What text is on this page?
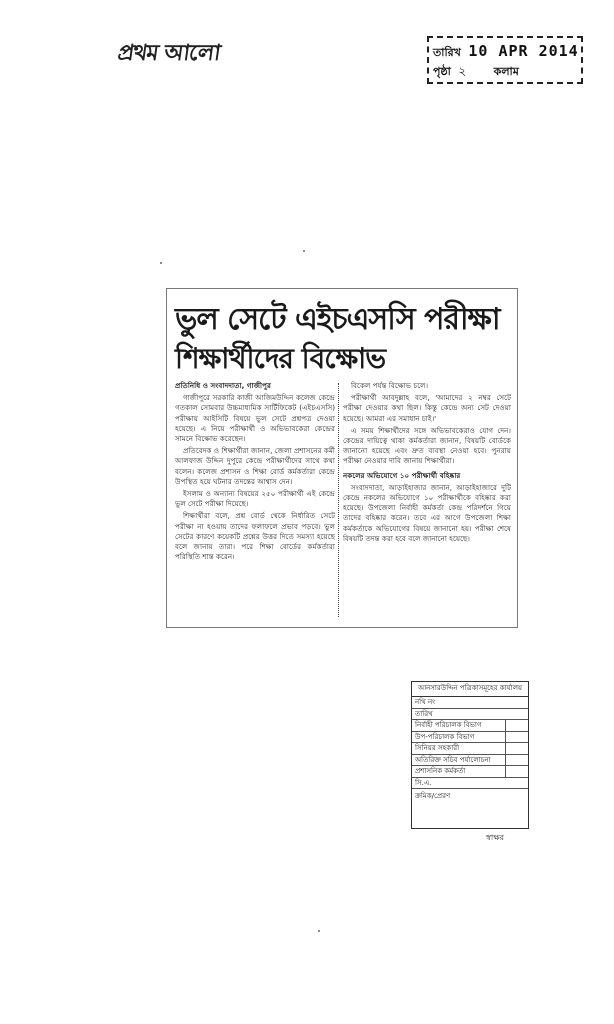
প্রথম আলো	তারিখ 10 APR 2014
পৃষ্ঠা ২	কলাম
ভুল সেটে এইচএসসি পরীক্ষা
শিক্ষার্থীদের বিক্ষোভ
প্রতিনিধি ও সংবাদদাতা, গাজীপুর

গাজীপুরে সরকারি কাজী আজিমউদ্দিন কলেজ কেন্দ্রে গতকাল সোমবার উচ্চমাধ্যমিক সার্টিফিকেট (এইচএসসি) পরীক্ষায় আইসিটি বিষয়ে ভুল সেটে প্রশ্নপত্র দেওয়া হয়েছে। এ নিয়ে পরীক্ষার্থী ও অভিভাবকেরা কেন্দ্রের সামনে বিক্ষোভ করেছেন।

প্রতিবেদক ও শিক্ষার্থীরা জানান, জেলা প্রশাসনের কর্মী আলফাজ উদ্দিন দুপুরে কেন্দ্রে পরীক্ষার্থীদের সাথে কথা বলেন। কলেজ প্রশাসন ও শিক্ষা বোর্ড কর্মকর্তারা কেন্দ্রে উপস্থিত হয়ে ঘটনার তদন্তের আশ্বাস দেন।

ইসলাম ও অন্যান্য বিষয়ের ২৫০ পরীক্ষার্থী এই কেন্দ্রে ভুল সেটে পরীক্ষা দিয়েছে।

শিক্ষার্থীরা বলে, প্রশ্ন বোর্ড থেকে নির্ধারিত সেটে পরীক্ষা না হওয়ায় তাদের ফলাফলে প্রভাব পড়বে। ভুল সেটের কারণে কয়েকটি প্রশ্নের উত্তর দিতে সমস্যা হয়েছে বলে জানায় তারা। পরে শিক্ষা বোর্ডের কর্মকর্তারা পরিস্থিতি শান্ত করেন।

বিকেল পর্যন্ত বিক্ষোভ চলে।

পরীক্ষার্থী আবদুল্লাহ বলে, 'আমাদের ২ নম্বর সেটে পরীক্ষা দেওয়ার কথা ছিল। কিন্তু কেন্দ্রে অন্য সেট দেওয়া হয়েছে। আমরা এর সমাধান চাই।'

এ সময় শিক্ষার্থীদের সঙ্গে অভিভাবকেরাও যোগ দেন। কেন্দ্রের দায়িত্বে থাকা কর্মকর্তারা জানান, বিষয়টি বোর্ডকে জানানো হয়েছে এবং দ্রুত ব্যবস্থা নেওয়া হবে। পুনরায় পরীক্ষা নেওয়ার দাবি জানায় শিক্ষার্থীরা।

নকলের অভিযোগে ১০ পরীক্ষার্থী বহিষ্কার

সংবাদদাতা, আড়াইহাজার জানান, আড়াইহাজারে দুটি কেন্দ্রে নকলের অভিযোগে ১০ পরীক্ষার্থীকে বহিষ্কার করা হয়েছে। উপজেলা নির্বাহী কর্মকর্তা কেন্দ্র পরিদর্শনে গিয়ে তাদের বহিষ্কার করেন। তবে এর আগে উপজেলা শিক্ষা কর্মকর্তাকে অভিযোগের বিষয়ে জানানো হয়। পরীক্ষা শেষে বিষয়টি তদন্ত করা হবে বলে জানানো হয়েছে।

আনসারউদ্দিন পত্রিকাসমূহের কার্যালয়
নথি নং
তারিখ
নির্বাহী পরিচালক বিভাগ
উপ-পরিচালক বিভাগ
সিনিয়র সহকারী
অতিরিক্ত সচিব পর্যালোচনা
প্রশাসনিক কর্মকর্তা
সি.এ.
ক্রমিক/প্রেরণ
স্বাক্ষর
